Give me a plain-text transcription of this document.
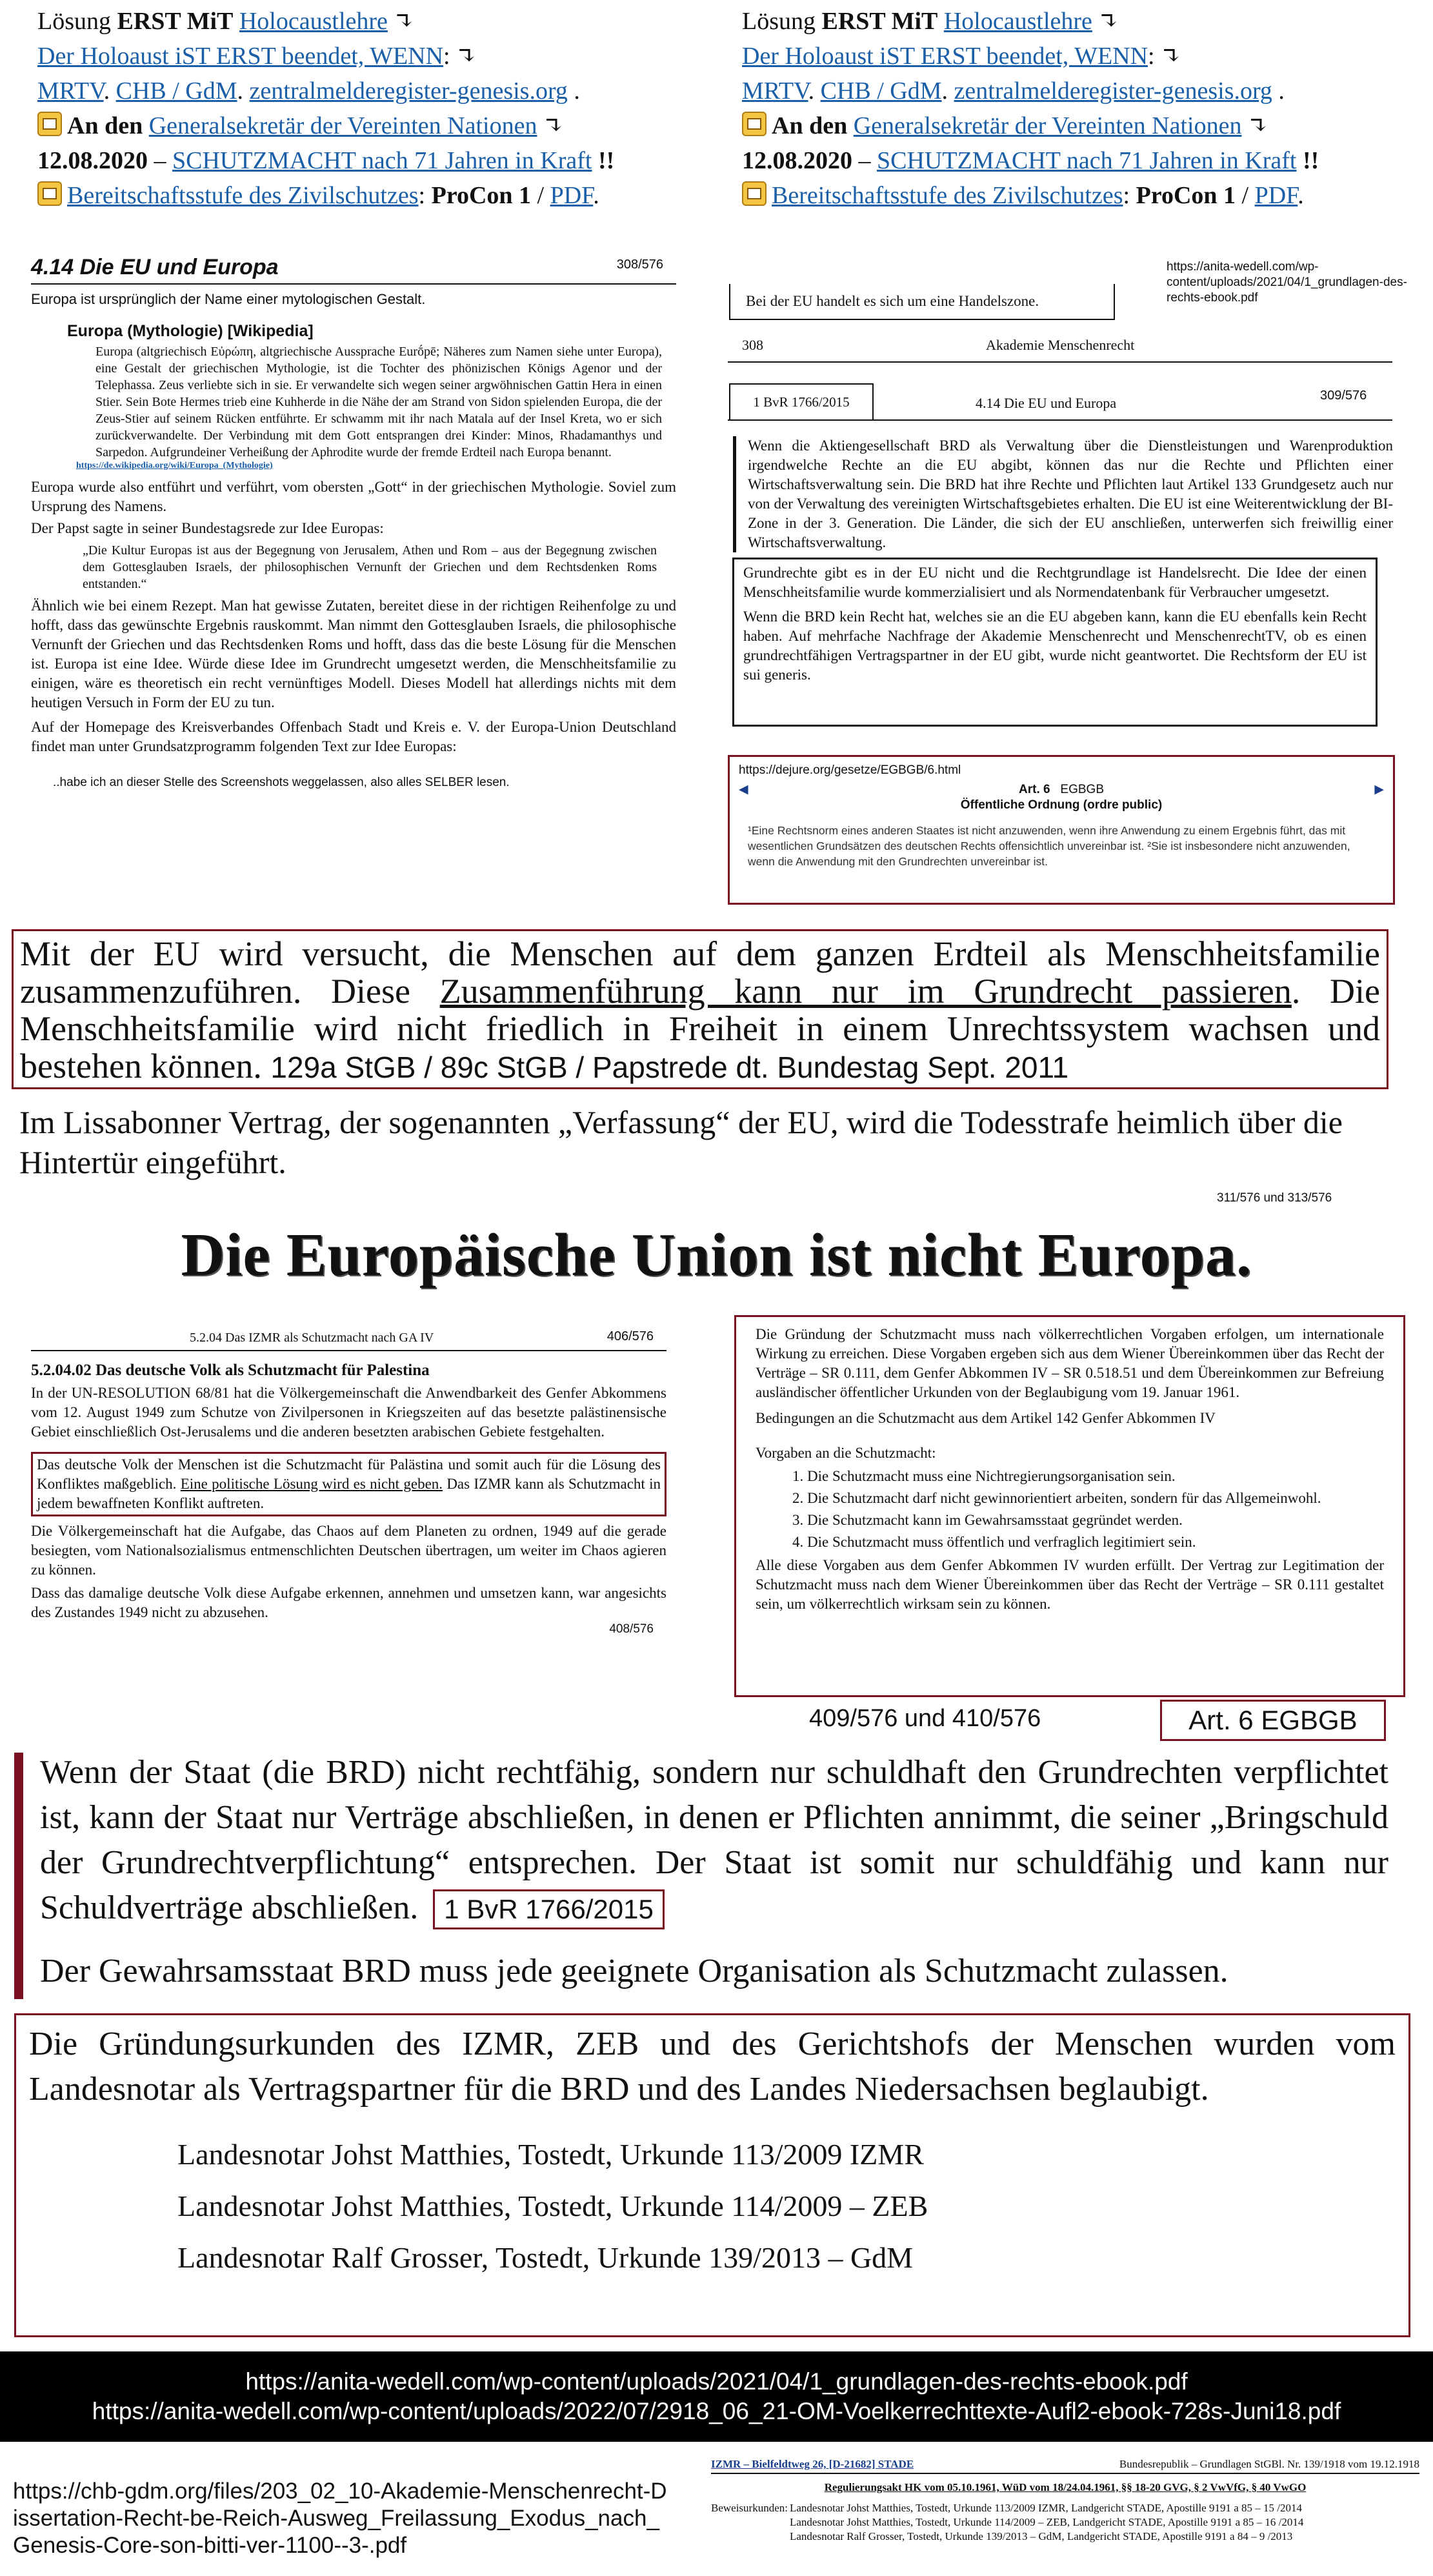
Lösung ERST MiT Holocaustlehre ↴
Der Holoaust iST ERST beendet, WENN: ↴
MRTV. CHB / GdM. zentralmelderegister-genesis.org .
An den Generalsekretär der Vereinten Nationen ↴
12.08.2020 – SCHUTZMACHT nach 71 Jahren in Kraft !!
Bereitschaftsstufe des Zivilschutzes: ProCon 1 / PDF.
Lösung ERST MiT Holocaustlehre ↴
Der Holoaust iST ERST beendet, WENN: ↴
MRTV. CHB / GdM. zentralmelderegister-genesis.org .
An den Generalsekretär der Vereinten Nationen ↴
12.08.2020 – SCHUTZMACHT nach 71 Jahren in Kraft !!
Bereitschaftsstufe des Zivilschutzes: ProCon 1 / PDF.
4.14 Die EU und Europa	308/576
Europa ist ursprünglich der Name einer mytologischen Gestalt.
Europa (Mythologie) [Wikipedia]
Europa (altgriechisch Εὐρώπη, altgriechische Aussprache Eurṓpē; Näheres zum Namen siehe unter Europa), eine Gestalt der griechischen Mythologie, ist die Tochter des phönizischen Königs Agenor und der Telephassa. Zeus verliebte sich in sie. Er verwandelte sich wegen seiner argwöhnischen Gattin Hera in einen Stier. Sein Bote Hermes trieb eine Kuhherde in die Nähe der am Strand von Sidon spielenden Europa, die der Zeus-Stier auf seinem Rücken entführte. Er schwamm mit ihr nach Matala auf der Insel Kreta, wo er sich zurückverwandelte. Der Verbindung mit dem Gott entsprangen drei Kinder: Minos, Rhadamanthys und Sarpedon. Aufgrundeiner Verheißung der Aphrodite wurde der fremde Erdteil nach Europa benannt.
https://de.wikipedia.org/wiki/Europa_(Mythologie)
Europa wurde also entführt und verführt, vom obersten „Gott“ in der griechischen Mythologie. Soviel zum Ursprung des Namens.
Der Papst sagte in seiner Bundestagsrede zur Idee Europas:
„Die Kultur Europas ist aus der Begegnung von Jerusalem, Athen und Rom – aus der Begegnung zwischen dem Gottesglauben Israels, der philosophischen Vernunft der Griechen und dem Rechtsdenken Roms entstanden.“
Ähnlich wie bei einem Rezept. Man hat gewisse Zutaten, bereitet diese in der richtigen Reihenfolge zu und hofft, dass das gewünschte Ergebnis rauskommt. Man nimmt den Gottesglauben Israels, die philosophische Vernunft der Griechen und das Rechtsdenken Roms und hofft, dass das die beste Lösung für die Menschen ist. Europa ist eine Idee. Würde diese Idee im Grundrecht umgesetzt werden, die Menschheitsfamilie zu einigen, wäre es theoretisch ein recht vernünftiges Modell. Dieses Modell hat allerdings nichts mit dem heutigen Versuch in Form der EU zu tun.
Auf der Homepage des Kreisverbandes Offenbach Stadt und Kreis e. V. der Europa-Union Deutschland findet man unter Grundsatzprogramm folgenden Text zur Idee Europas:
..habe ich an dieser Stelle des Screenshots weggelassen, also alles SELBER lesen.
https://anita-wedell.com/wp-content/uploads/2021/04/1_grundlagen-des-rechts-ebook.pdf
Bei der EU handelt es sich um eine Handelszone.
308	Akademie Menschenrecht
1 BvR 1766/2015	4.14 Die EU und Europa	309/576
Wenn die Aktiengesellschaft BRD als Verwaltung über die Dienstleistungen und Warenproduktion irgendwelche Rechte an die EU abgibt, können das nur die Rechte und Pflichten einer Wirtschaftsverwaltung sein. Die BRD hat ihre Rechte und Pflichten laut Artikel 133 Grundgesetz auch nur von der Verwaltung des vereinigten Wirtschaftsgebietes erhalten. Die EU ist eine Weiterentwicklung der BI-Zone in der 3. Generation. Die Länder, die sich der EU anschließen, unterwerfen sich freiwillig einer Wirtschaftsverwaltung.
Grundrechte gibt es in der EU nicht und die Rechtgrundlage ist Handelsrecht. Die Idee der einen Menschheitsfamilie wurde kommerzialisiert und als Normendatenbank für Verbraucher umgesetzt.
Wenn die BRD kein Recht hat, welches sie an die EU abgeben kann, kann die EU ebenfalls kein Recht haben. Auf mehrfache Nachfrage der Akademie Menschenrecht und MenschenrechtTV, ob es einen grundrechtfähigen Vertragspartner in der EU gibt, wurde nicht geantwortet. Die Rechtsform der EU ist sui generis.
https://dejure.org/gesetze/EGBGB/6.html
◀	Art. 6 EGBGB	▶
Öffentliche Ordnung (ordre public)
¹Eine Rechtsnorm eines anderen Staates ist nicht anzuwenden, wenn ihre Anwendung zu einem Ergebnis führt, das mit wesentlichen Grundsätzen des deutschen Rechts offensichtlich unvereinbar ist. ²Sie ist insbesondere nicht anzuwenden, wenn die Anwendung mit den Grundrechten unvereinbar ist.
Mit der EU wird versucht, die Menschen auf dem ganzen Erdteil als Menschheitsfamilie zusammenzuführen. Diese Zusammenführung kann nur im Grundrecht passieren. Die Menschheitsfamilie wird nicht friedlich in Freiheit in einem Unrechtssystem wachsen und bestehen können. 129a StGB / 89c StGB / Papstrede dt. Bundestag Sept. 2011
Im Lissabonner Vertrag, der sogenannten „Verfassung“ der EU, wird die Todesstrafe heimlich über die Hintertür eingeführt.
311/576 und 313/576
Die Europäische Union ist nicht Europa.
5.2.04 Das IZMR als Schutzmacht nach GA IV	406/576
5.2.04.02 Das deutsche Volk als Schutzmacht für Palestina
In der UN-RESOLUTION 68/81 hat die Völkergemeinschaft die Anwendbarkeit des Genfer Abkommens vom 12. August 1949 zum Schutze von Zivilpersonen in Kriegszeiten auf das besetzte palästinensische Gebiet einschließlich Ost-Jerusalems und die anderen besetzten arabischen Gebiete festgehalten.
Das deutsche Volk der Menschen ist die Schutzmacht für Palästina und somit auch für die Lösung des Konfliktes maßgeblich. Eine politische Lösung wird es nicht geben. Das IZMR kann als Schutzmacht in jedem bewaffneten Konflikt auftreten.
Die Völkergemeinschaft hat die Aufgabe, das Chaos auf dem Planeten zu ordnen, 1949 auf die gerade besiegten, vom Nationalsozialismus entmenschlichten Deutschen übertragen, um weiter im Chaos agieren zu können.
Dass das damalige deutsche Volk diese Aufgabe erkennen, annehmen und umsetzen kann, war angesichts des Zustandes 1949 nicht zu abzusehen.
408/576
Die Gründung der Schutzmacht muss nach völkerrechtlichen Vorgaben erfolgen, um internationale Wirkung zu erreichen. Diese Vorgaben ergeben sich aus dem Wiener Übereinkommen über das Recht der Verträge – SR 0.111, dem Genfer Abkommen IV – SR 0.518.51 und dem Übereinkommen zur Befreiung ausländischer öffentlicher Urkunden von der Beglaubigung vom 19. Januar 1961.
Bedingungen an die Schutzmacht aus dem Artikel 142 Genfer Abkommen IV
Vorgaben an die Schutzmacht:
1. Die Schutzmacht muss eine Nichtregierungsorganisation sein.
2. Die Schutzmacht darf nicht gewinnorientiert arbeiten, sondern für das Allgemeinwohl.
3. Die Schutzmacht kann im Gewahrsamsstaat gegründet werden.
4. Die Schutzmacht muss öffentlich und verfraglich legitimiert sein.
Alle diese Vorgaben aus dem Genfer Abkommen IV wurden erfüllt. Der Vertrag zur Legitimation der Schutzmacht muss nach dem Wiener Übereinkommen über das Recht der Verträge – SR 0.111 gestaltet sein, um völkerrechtlich wirksam sein zu können.
409/576 und 410/576	Art. 6 EGBGB
Wenn der Staat (die BRD) nicht rechtfähig, sondern nur schuldhaft den Grundrechten verpflichtet ist, kann der Staat nur Verträge abschließen, in denen er Pflichten annimmt, die seiner „Bringschuld der Grundrechtverpflichtung“ entsprechen. Der Staat ist somit nur schuldfähig und kann nur Schuldverträge abschließen. 1 BvR 1766/2015
Der Gewahrsamsstaat BRD muss jede geeignete Organisation als Schutzmacht zulassen.
Die Gründungsurkunden des IZMR, ZEB und des Gerichtshofs der Menschen wurden vom Landesnotar als Vertragspartner für die BRD und des Landes Niedersachsen beglaubigt.
Landesnotar Johst Matthies, Tostedt, Urkunde 113/2009 IZMR
Landesnotar Johst Matthies, Tostedt, Urkunde 114/2009 – ZEB
Landesnotar Ralf Grosser, Tostedt, Urkunde 139/2013 – GdM
https://anita-wedell.com/wp-content/uploads/2021/04/1_grundlagen-des-rechts-ebook.pdf
https://anita-wedell.com/wp-content/uploads/2022/07/2918_06_21-OM-Voelkerrechttexte-Aufl2-ebook-728s-Juni18.pdf
https://chb-gdm.org/files/203_02_10-Akademie-Menschenrecht-Dissertation-Recht-be-Reich-Ausweg_Freilassung_Exodus_nach_Genesis-Core-son-bitti-ver-1100--3-.pdf
IZMR – Bielfeldtweg 26, [D-21682] STADE	Bundesrepublik – Grundlagen StGBl. Nr. 139/1918 vom 19.12.1918
Regulierungsakt HK vom 05.10.1961, WüD vom 18/24.04.1961, §§ 18-20 GVG, § 2 VwVfG, § 40 VwGO
Beweisurkunden: Landesnotar Johst Matthies, Tostedt, Urkunde 113/2009 IZMR, Landgericht STADE, Apostille 9191 a 85 – 15 /2014
Landesnotar Johst Matthies, Tostedt, Urkunde 114/2009 – ZEB, Landgericht STADE, Apostille 9191 a 85 – 16 /2014
Landesnotar Ralf Grosser, Tostedt, Urkunde 139/2013 – GdM, Landgericht STADE, Apostille 9191 a 84 – 9 /2013
